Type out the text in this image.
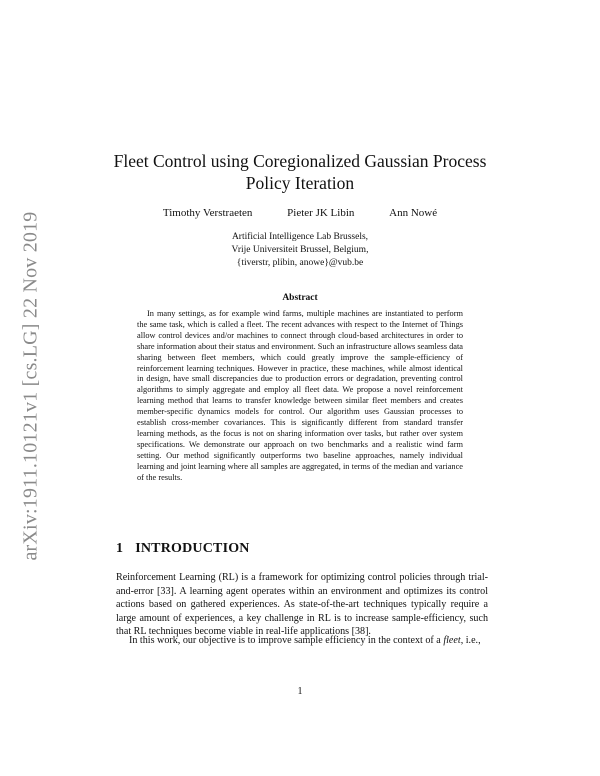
arXiv:1911.10121v1 [cs.LG] 22 Nov 2019
Fleet Control using Coregionalized Gaussian Process
Policy Iteration
Timothy Verstraeten	Pieter JK Libin	Ann Nowé
Artificial Intelligence Lab Brussels,
Vrije Universiteit Brussel, Belgium,
{tiverstr, plibin, anowe}@vub.be
Abstract
In many settings, as for example wind farms, multiple machines are instantiated to perform the same task, which is called a fleet. The recent advances with respect to the Internet of Things allow control devices and/or machines to connect through cloud-based architectures in order to share information about their status and environment. Such an infrastructure allows seamless data sharing between fleet members, which could greatly improve the sample-efficiency of reinforcement learning techniques. However in practice, these machines, while almost identical in design, have small discrepancies due to production errors or degradation, preventing control algorithms to simply aggregate and employ all fleet data. We propose a novel reinforcement learning method that learns to transfer knowledge between similar fleet members and creates member-specific dynamics models for control. Our algorithm uses Gaussian processes to establish cross-member covariances. This is significantly different from standard transfer learning methods, as the focus is not on sharing information over tasks, but rather over system specifications. We demonstrate our approach on two benchmarks and a realistic wind farm setting. Our method significantly outperforms two baseline approaches, namely individual learning and joint learning where all samples are aggregated, in terms of the median and variance of the results.
1 INTRODUCTION

Reinforcement Learning (RL) is a framework for optimizing control policies through trial-and-error [33]. A learning agent operates within an environment and optimizes its control actions based on gathered experiences. As state-of-the-art techniques typically require a large amount of experiences, a key challenge in RL is to increase sample-efficiency, such that RL techniques become viable in real-life applications [38].

In this work, our objective is to improve sample efficiency in the context of a fleet, i.e.,

1
